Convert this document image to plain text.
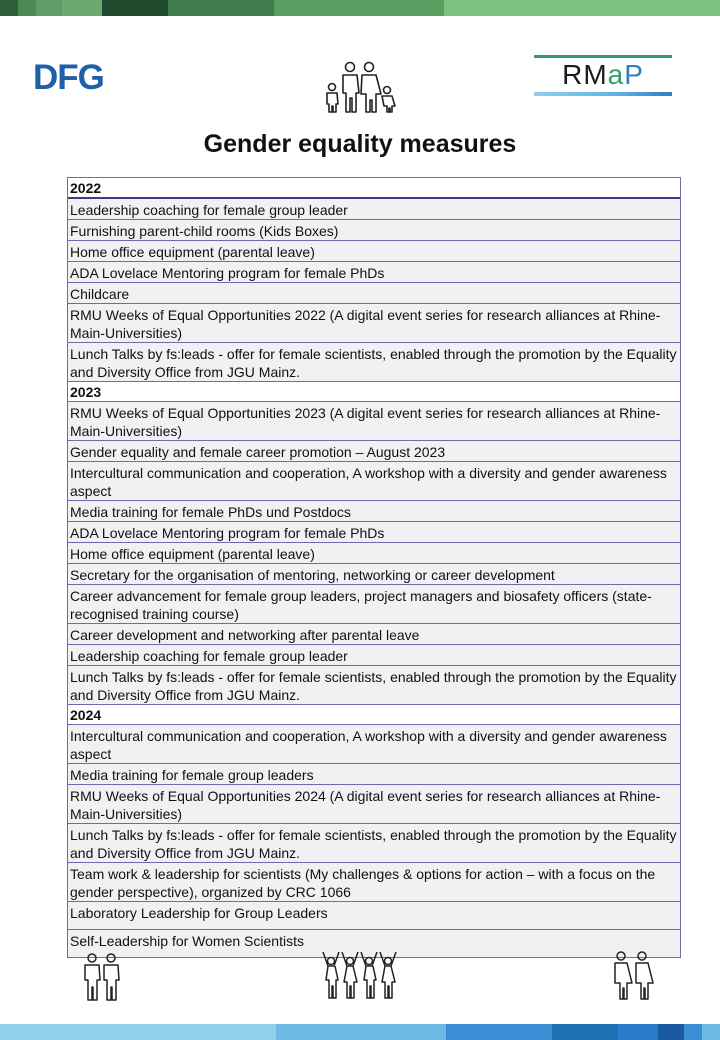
DFG	RMaP
Gender equality measures
2022
Leadership coaching for female group leader
Furnishing parent-child rooms (Kids Boxes)
Home office equipment (parental leave)
ADA Lovelace Mentoring program for female PhDs
Childcare
RMU Weeks of Equal Opportunities 2022 (A digital event series for research alliances at Rhine-Main-Universities)
Lunch Talks by fs:leads - offer for female scientists, enabled through the promotion by the Equality and Diversity Office from JGU Mainz.
2023
RMU Weeks of Equal Opportunities 2023 (A digital event series for research alliances at Rhine-Main-Universities)
Gender equality and female career promotion – August 2023
Intercultural communication and cooperation, A workshop with a diversity and gender awareness aspect
Media training for female PhDs und Postdocs
ADA Lovelace Mentoring program for female PhDs
Home office equipment (parental leave)
Secretary for the organisation of mentoring, networking or career development
Career advancement for female group leaders, project managers and biosafety officers (state-recognised training course)
Career development and networking after parental leave
Leadership coaching for female group leader
Lunch Talks by fs:leads - offer for female scientists, enabled through the promotion by the Equality and Diversity Office from JGU Mainz.
2024
Intercultural communication and cooperation, A workshop with a diversity and gender awareness aspect
Media training for female group leaders
RMU Weeks of Equal Opportunities 2024 (A digital event series for research alliances at Rhine-Main-Universities)
Lunch Talks by fs:leads - offer for female scientists, enabled through the promotion by the Equality and Diversity Office from JGU Mainz.
Team work & leadership for scientists (My challenges & options for action – with a focus on the gender perspective), organized by CRC 1066
Laboratory Leadership for Group Leaders
Self-Leadership for Women Scientists
